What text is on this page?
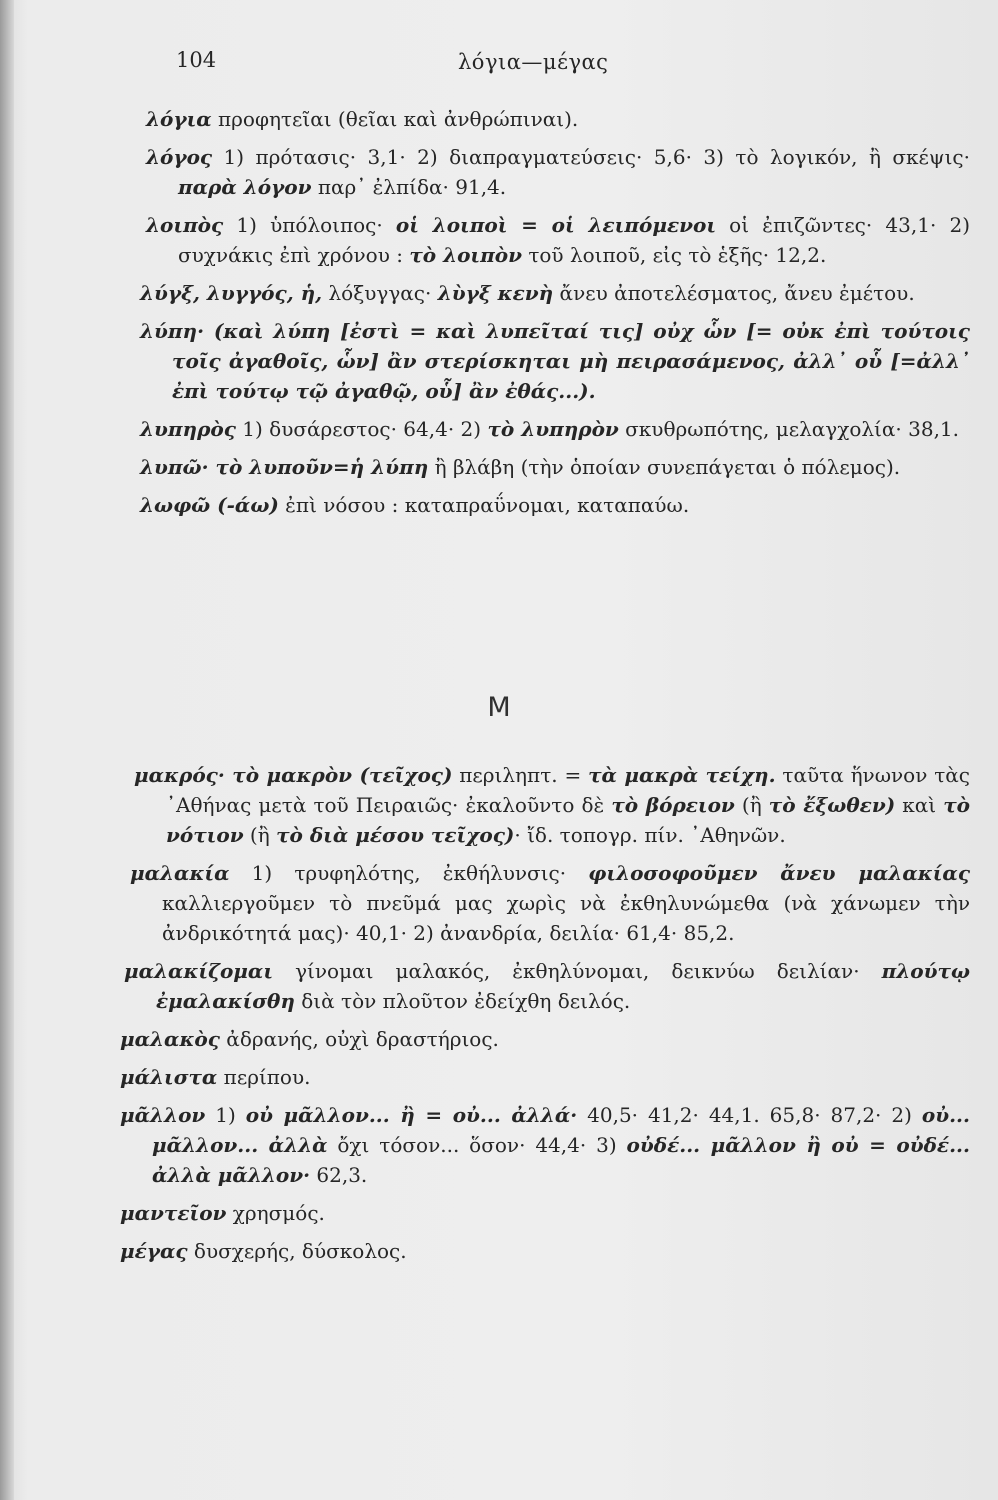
104	λόγια—μέγας
λόγια προφητεῖαι (θεῖαι καὶ ἀνθρώπιναι).
λόγος 1) πρότασις· 3,1· 2) διαπραγματεύσεις· 5,6· 3) τὸ λογικόν, ἢ σκέψις· παρὰ λόγον παρ᾽ ἐλπίδα· 91,4.
λοιπὸς 1) ὑπόλοιπος· οἱ λοιποὶ = οἱ λειπόμενοι οἱ ἐπιζῶντες· 43,1· 2) συχνάκις ἐπὶ χρόνου : τὸ λοιπὸν τοῦ λοιποῦ, εἰς τὸ ἑξῆς· 12,2.
λύγξ, λυγγός, ἡ, λόξυγγας· λὺγξ κενὴ ἄνευ ἀποτελέσματος, ἄνευ ἐμέτου.
λύπη· (καὶ λύπη [ἐστὶ = καὶ λυπεῖταί τις] οὐχ ὧν [= οὐκ ἐπὶ τούτοις τοῖς ἀγαθοῖς, ὧν] ἂν στερίσκηται μὴ πειρασάμενος, ἀλλ᾽ οὗ [=ἀλλ᾽ ἐπὶ τούτῳ τῷ ἀγαθῷ, οὗ] ἂν ἐθάς...).
λυπηρὸς 1) δυσάρεστος· 64,4· 2) τὸ λυπηρὸν σκυθρωπότης, μελαγχολία· 38,1.
λυπῶ· τὸ λυποῦν=ἡ λύπη ἢ βλάβη (τὴν ὁποίαν συνεπάγεται ὁ πόλεμος).
λωφῶ (-άω) ἐπὶ νόσου : καταπραΰνομαι, καταπαύω.
Μ
μακρός· τὸ μακρὸν (τεῖχος) περιληπτ. = τὰ μακρὰ τείχη. ταῦτα ἥνωνον τὰς ᾿Αθήνας μετὰ τοῦ Πειραιῶς· ἐκαλοῦντο δὲ τὸ βόρειον (ἢ τὸ ἔξωθεν) καὶ τὸ νότιον (ἢ τὸ διὰ μέσου τεῖχος)· ἴδ. τοπογρ. πίν. ᾿Αθηνῶν.
μαλακία 1) τρυφηλότης, ἐκθήλυνσις· φιλοσοφοῦμεν ἄνευ μαλακίας καλλιεργοῦμεν τὸ πνεῦμά μας χωρὶς νὰ ἐκθηλυνώμεθα (νὰ χάνωμεν τὴν ἀνδρικότητά μας)· 40,1· 2) ἀνανδρία, δειλία· 61,4· 85,2.
μαλακίζομαι γίνομαι μαλακός, ἐκθηλύνομαι, δεικνύω δειλίαν· πλούτῳ ἐμαλακίσθη διὰ τὸν πλοῦτον ἐδείχθη δειλός.
μαλακὸς ἀδρανής, οὐχὶ δραστήριος.
μάλιστα περίπου.
μᾶλλον 1) οὐ μᾶλλον... ἢ = οὐ... ἀλλά· 40,5· 41,2· 44,1. 65,8· 87,2· 2) οὐ... μᾶλλον... ἀλλὰ ὄχι τόσον... ὅσον· 44,4· 3) οὐδέ... μᾶλλον ἢ οὐ = οὐδέ... ἀλλὰ μᾶλλον· 62,3.
μαντεῖον χρησμός.
μέγας δυσχερής, δύσκολος.
